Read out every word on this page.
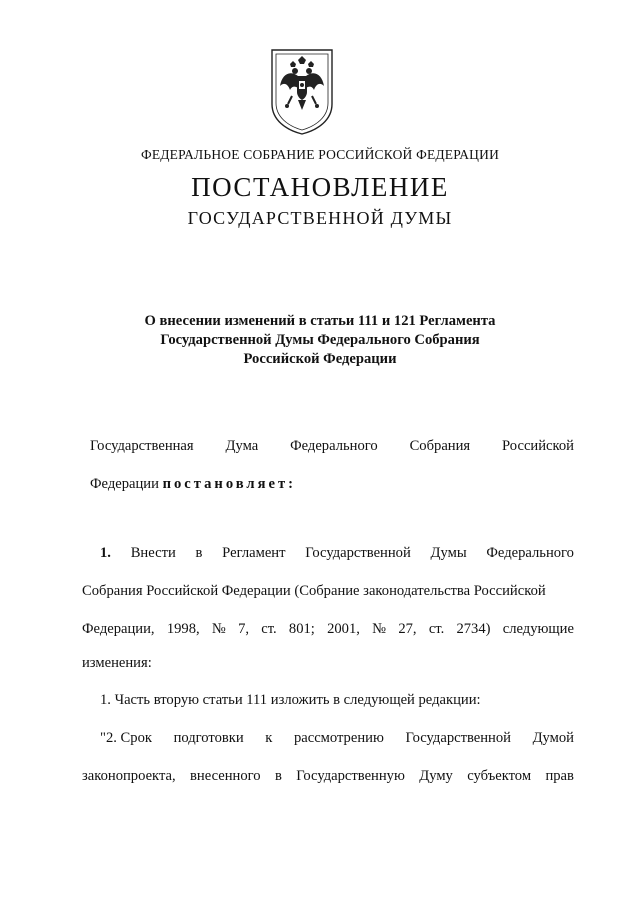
ФЕДЕРАЛЬНОЕ СОБРАНИЕ РОССИЙСКОЙ ФЕДЕРАЦИИ
ПОСТАНОВЛЕНИЕ
ГОСУДАРСТВЕННОЙ ДУМЫ
О внесении изменений в статьи 111 и 121 Регламента
Государственной Думы Федерального Собрания
Российской Федерации
Государственная Дума Федерального Собрания Российской
Федерации постановляет:
1. Внести в Регламент Государственной Думы Федерального
Собрания Российской Федерации (Собрание законодательства Российской
Федерации, 1998, № 7, ст. 801; 2001, № 27, ст. 2734) следующие
изменения:
1. Часть вторую статьи 111 изложить в следующей редакции:
"2. Срок подготовки к рассмотрению Государственной Думой
законопроекта, внесенного в Государственную Думу субъектом прав
